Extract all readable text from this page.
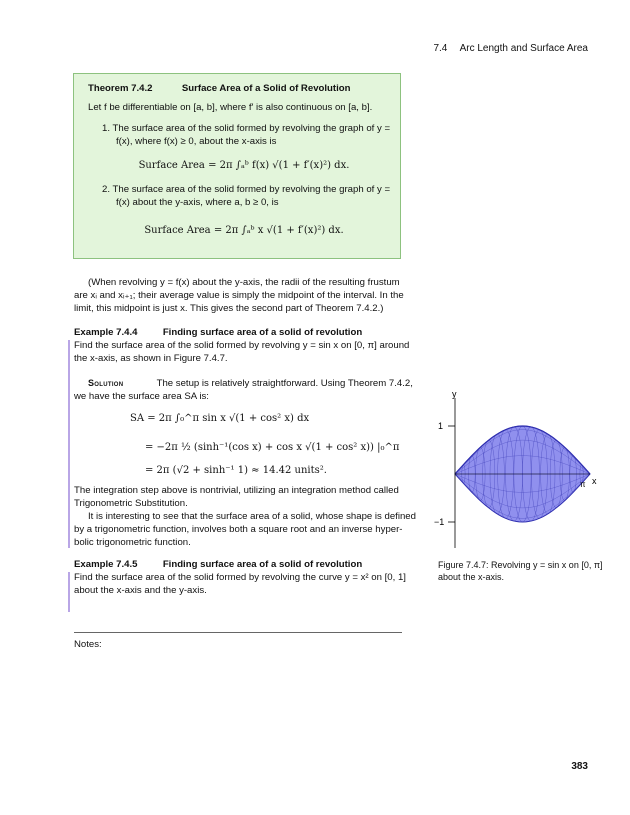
7.4 Arc Length and Surface Area
Theorem 7.4.2	Surface Area of a Solid of Revolution
Let f be differentiable on [a, b], where f′ is also continuous on [a, b].
1. The surface area of the solid formed by revolving the graph of y =
f(x), where f(x) ≥ 0, about the x-axis is
Surface Area = 2π ∫ₐᵇ f(x) √(1 + f′(x)²) dx.
2. The surface area of the solid formed by revolving the graph of y =
f(x) about the y-axis, where a, b ≥ 0, is
Surface Area = 2π ∫ₐᵇ x √(1 + f′(x)²) dx.
(When revolving y = f(x) about the y-axis, the radii of the resulting frustum
are xᵢ and xᵢ₊₁; their average value is simply the midpoint of the interval. In the
limit, this midpoint is just x. This gives the second part of Theorem 7.4.2.)
Example 7.4.4	Finding surface area of a solid of revolution
Find the surface area of the solid formed by revolving y = sin x on [0, π] around
the x-axis, as shown in Figure 7.4.7.
Solution	The setup is relatively straightforward. Using Theorem 7.4.2,
we have the surface area SA is:
SA = 2π ∫₀^π sin x √(1 + cos² x) dx
= −2π ½ (sinh⁻¹(cos x) + cos x √(1 + cos² x)) |₀^π
= 2π (√2 + sinh⁻¹ 1) ≈ 14.42 units².
The integration step above is nontrivial, utilizing an integration method called
Trigonometric Substitution.
It is interesting to see that the surface area of a solid, whose shape is defined
by a trigonometric function, involves both a square root and an inverse hyper-
bolic trigonometric function.
Example 7.4.5	Finding surface area of a solid of revolution
Find the surface area of the solid formed by revolving the curve y = x² on [0, 1]
about the x-axis and the y-axis.
Notes:
y
1
−1
π x
Figure 7.4.7: Revolving y = sin x on [0, π]
about the x-axis.
383
